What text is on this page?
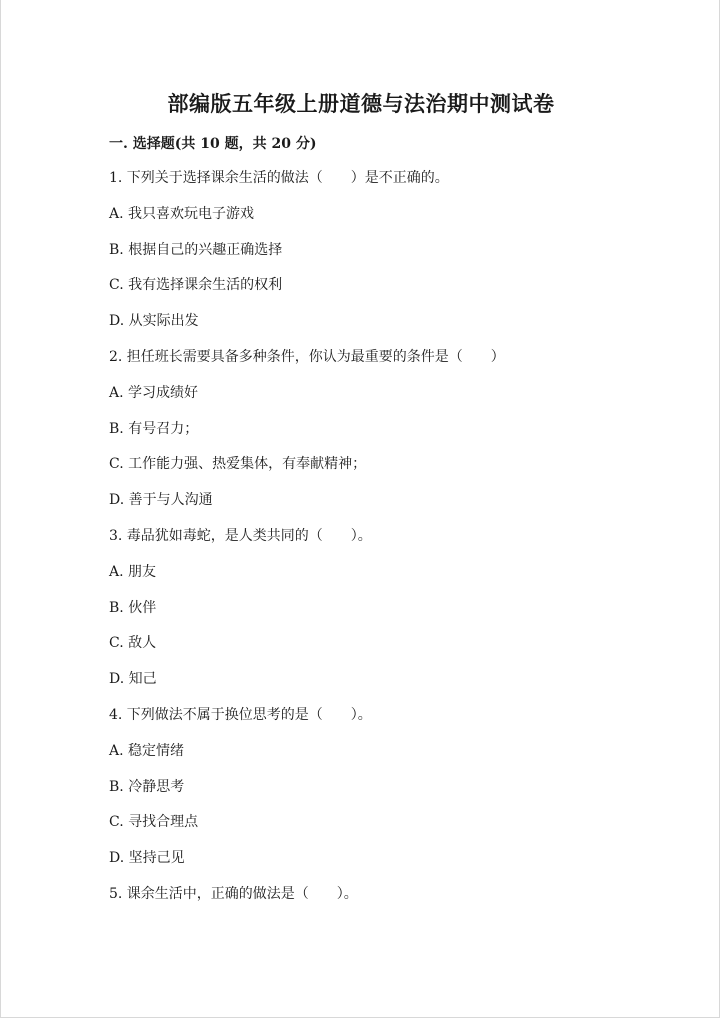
部编版五年级上册道德与法治期中测试卷
一. 选择题(共 10 题，共 20 分)
1. 下列关于选择课余生活的做法（　　）是不正确的。
A. 我只喜欢玩电子游戏
B. 根据自己的兴趣正确选择
C. 我有选择课余生活的权利
D. 从实际出发
2. 担任班长需要具备多种条件，你认为最重要的条件是（　　）
A. 学习成绩好
B. 有号召力；
C. 工作能力强、热爱集体，有奉献精神；
D. 善于与人沟通
3. 毒品犹如毒蛇，是人类共同的（　　）。
A. 朋友
B. 伙伴
C. 敌人
D. 知己
4. 下列做法不属于换位思考的是（　　）。
A. 稳定情绪
B. 冷静思考
C. 寻找合理点
D. 坚持己见
5. 课余生活中，正确的做法是（　　）。
